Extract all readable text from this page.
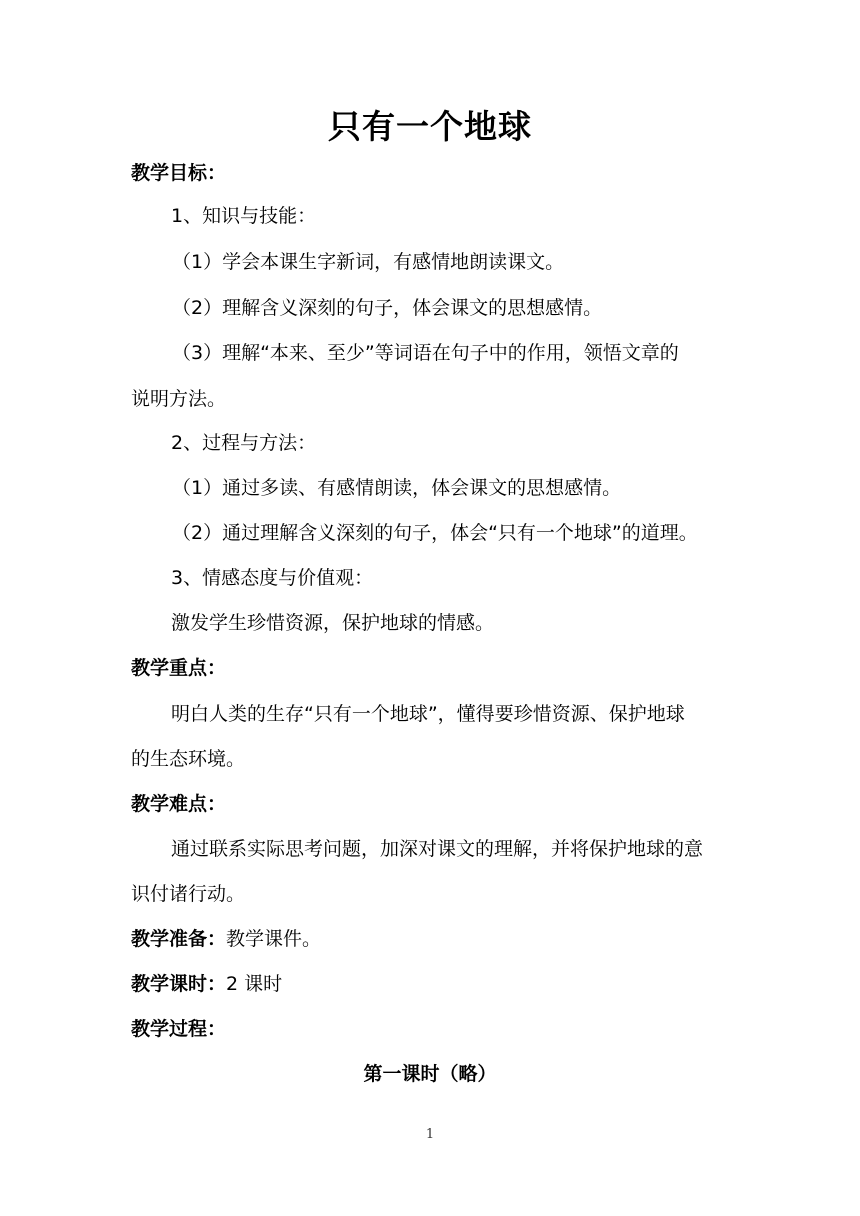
只有一个地球
教学目标：
1、知识与技能：
（1）学会本课生字新词，有感情地朗读课文。
（2）理解含义深刻的句子，体会课文的思想感情。
（3）理解“本来、至少”等词语在句子中的作用，领悟文章的
说明方法。
2、过程与方法：
（1）通过多读、有感情朗读，体会课文的思想感情。
（2）通过理解含义深刻的句子，体会“只有一个地球”的道理。
3、情感态度与价值观：
激发学生珍惜资源，保护地球的情感。
教学重点：
明白人类的生存“只有一个地球”，懂得要珍惜资源、保护地球
的生态环境。
教学难点：
通过联系实际思考问题，加深对课文的理解，并将保护地球的意
识付诸行动。
教学准备：教学课件。
教学课时：2 课时
教学过程：
第一课时（略）
1
